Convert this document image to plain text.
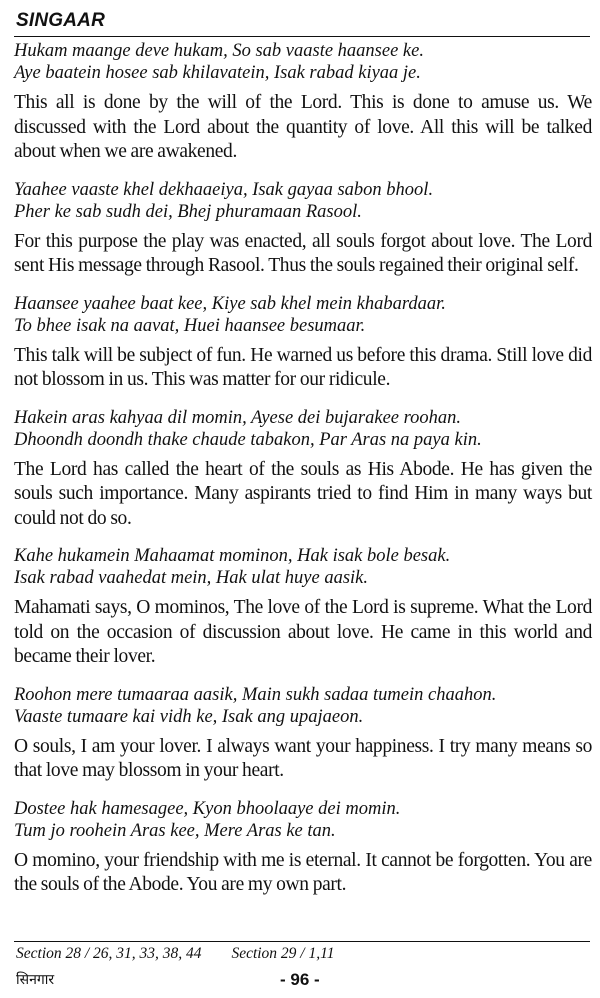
SINGAAR

Hukam maange deve hukam, So sab vaaste haansee ke.
Aye baatein hosee sab khilavatein, Isak rabad kiyaa je.

This all is done by the will of the Lord. This is done to amuse us. We discussed with the Lord about the quantity of love. All this will be talked about when we are awakened.

Yaahee vaaste khel dekhaaeiya, Isak gayaa sabon bhool.
Pher ke sab sudh dei, Bhej phuramaan Rasool.

For this purpose the play was enacted, all souls forgot about love. The Lord sent His message through Rasool. Thus the souls regained their original self.

Haansee yaahee baat kee, Kiye sab khel mein khabardaar.
To bhee isak na aavat, Huei haansee besumaar.

This talk will be subject of fun. He warned us before this drama. Still love did not blossom in us. This was matter for our ridicule.

Hakein aras kahyaa dil momin, Ayese dei bujarakee roohan.
Dhoondh doondh thake chaude tabakon, Par Aras na paya kin.

The Lord has called the heart of the souls as His Abode. He has given the souls such importance. Many aspirants tried to find Him in many ways but could not do so.

Kahe hukamein Mahaamat mominon, Hak isak bole besak.
Isak rabad vaahedat mein, Hak ulat huye aasik.

Mahamati says, O mominos, The love of the Lord is supreme. What the Lord told on the occasion of discussion about love. He came in this world and became their lover.

Roohon mere tumaaraa aasik, Main sukh sadaa tumein chaahon.
Vaaste tumaare kai vidh ke, Isak ang upajaeon.

O souls, I am your lover. I always want your happiness. I try many means so that love may blossom in your heart.

Dostee hak hamesagee, Kyon bhoolaaye dei momin.
Tum jo roohein Aras kee, Mere Aras ke tan.

O momino, your friendship with me is eternal. It cannot be forgotten. You are the souls of the Abode. You are my own part.

Section 28 / 26, 31, 33, 38, 44 Section 29 / 1,11
सिनगार	- 96 -
